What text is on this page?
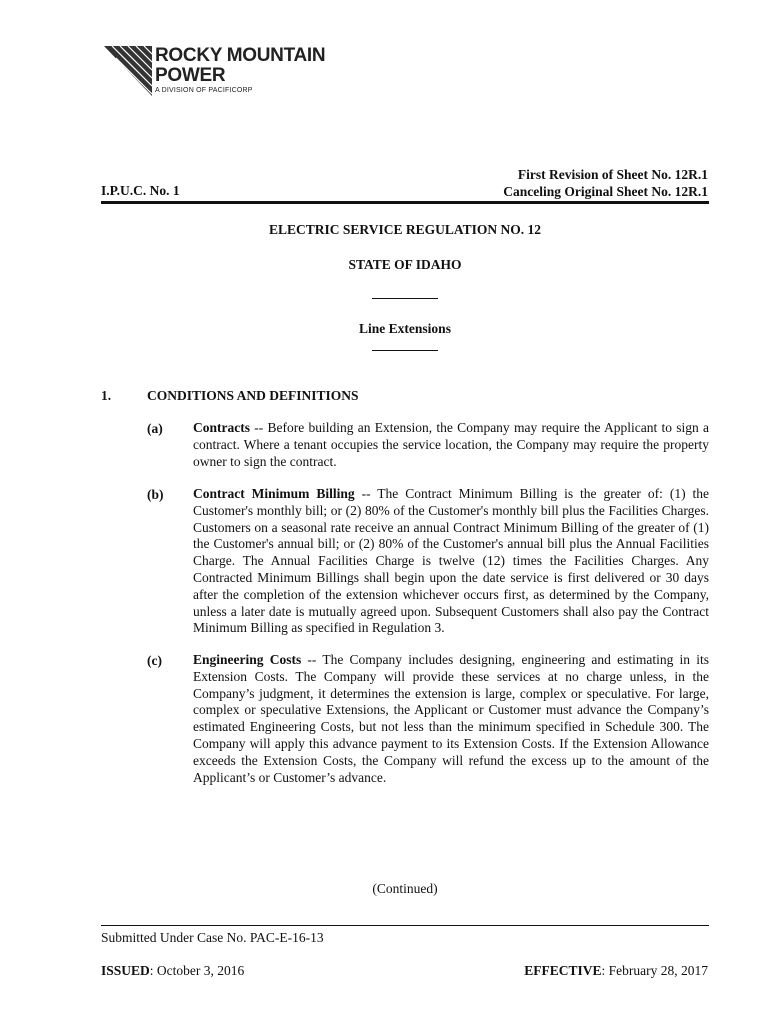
ROCKY MOUNTAIN
POWER
A DIVISION OF PACIFICORP
First Revision of Sheet No. 12R.1
Canceling Original Sheet No. 12R.1
I.P.U.C. No. 1
ELECTRIC SERVICE REGULATION NO. 12
STATE OF IDAHO
Line Extensions
1.	CONDITIONS AND DEFINITIONS
(a) Contracts -- Before building an Extension, the Company may require the Applicant to sign a contract. Where a tenant occupies the service location, the Company may require the property owner to sign the contract.
(b) Contract Minimum Billing -- The Contract Minimum Billing is the greater of: (1) the Customer's monthly bill; or (2) 80% of the Customer's monthly bill plus the Facilities Charges. Customers on a seasonal rate receive an annual Contract Minimum Billing of the greater of (1) the Customer's annual bill; or (2) 80% of the Customer's annual bill plus the Annual Facilities Charge. The Annual Facilities Charge is twelve (12) times the Facilities Charges. Any Contracted Minimum Billings shall begin upon the date service is first delivered or 30 days after the completion of the extension whichever occurs first, as determined by the Company, unless a later date is mutually agreed upon. Subsequent Customers shall also pay the Contract Minimum Billing as specified in Regulation 3.
(c) Engineering Costs -- The Company includes designing, engineering and estimating in its Extension Costs. The Company will provide these services at no charge unless, in the Company’s judgment, it determines the extension is large, complex or speculative. For large, complex or speculative Extensions, the Applicant or Customer must advance the Company’s estimated Engineering Costs, but not less than the minimum specified in Schedule 300. The Company will apply this advance payment to its Extension Costs. If the Extension Allowance exceeds the Extension Costs, the Company will refund the excess up to the amount of the Applicant’s or Customer’s advance.
(Continued)
Submitted Under Case No. PAC-E-16-13
ISSUED: October 3, 2016	EFFECTIVE: February 28, 2017
